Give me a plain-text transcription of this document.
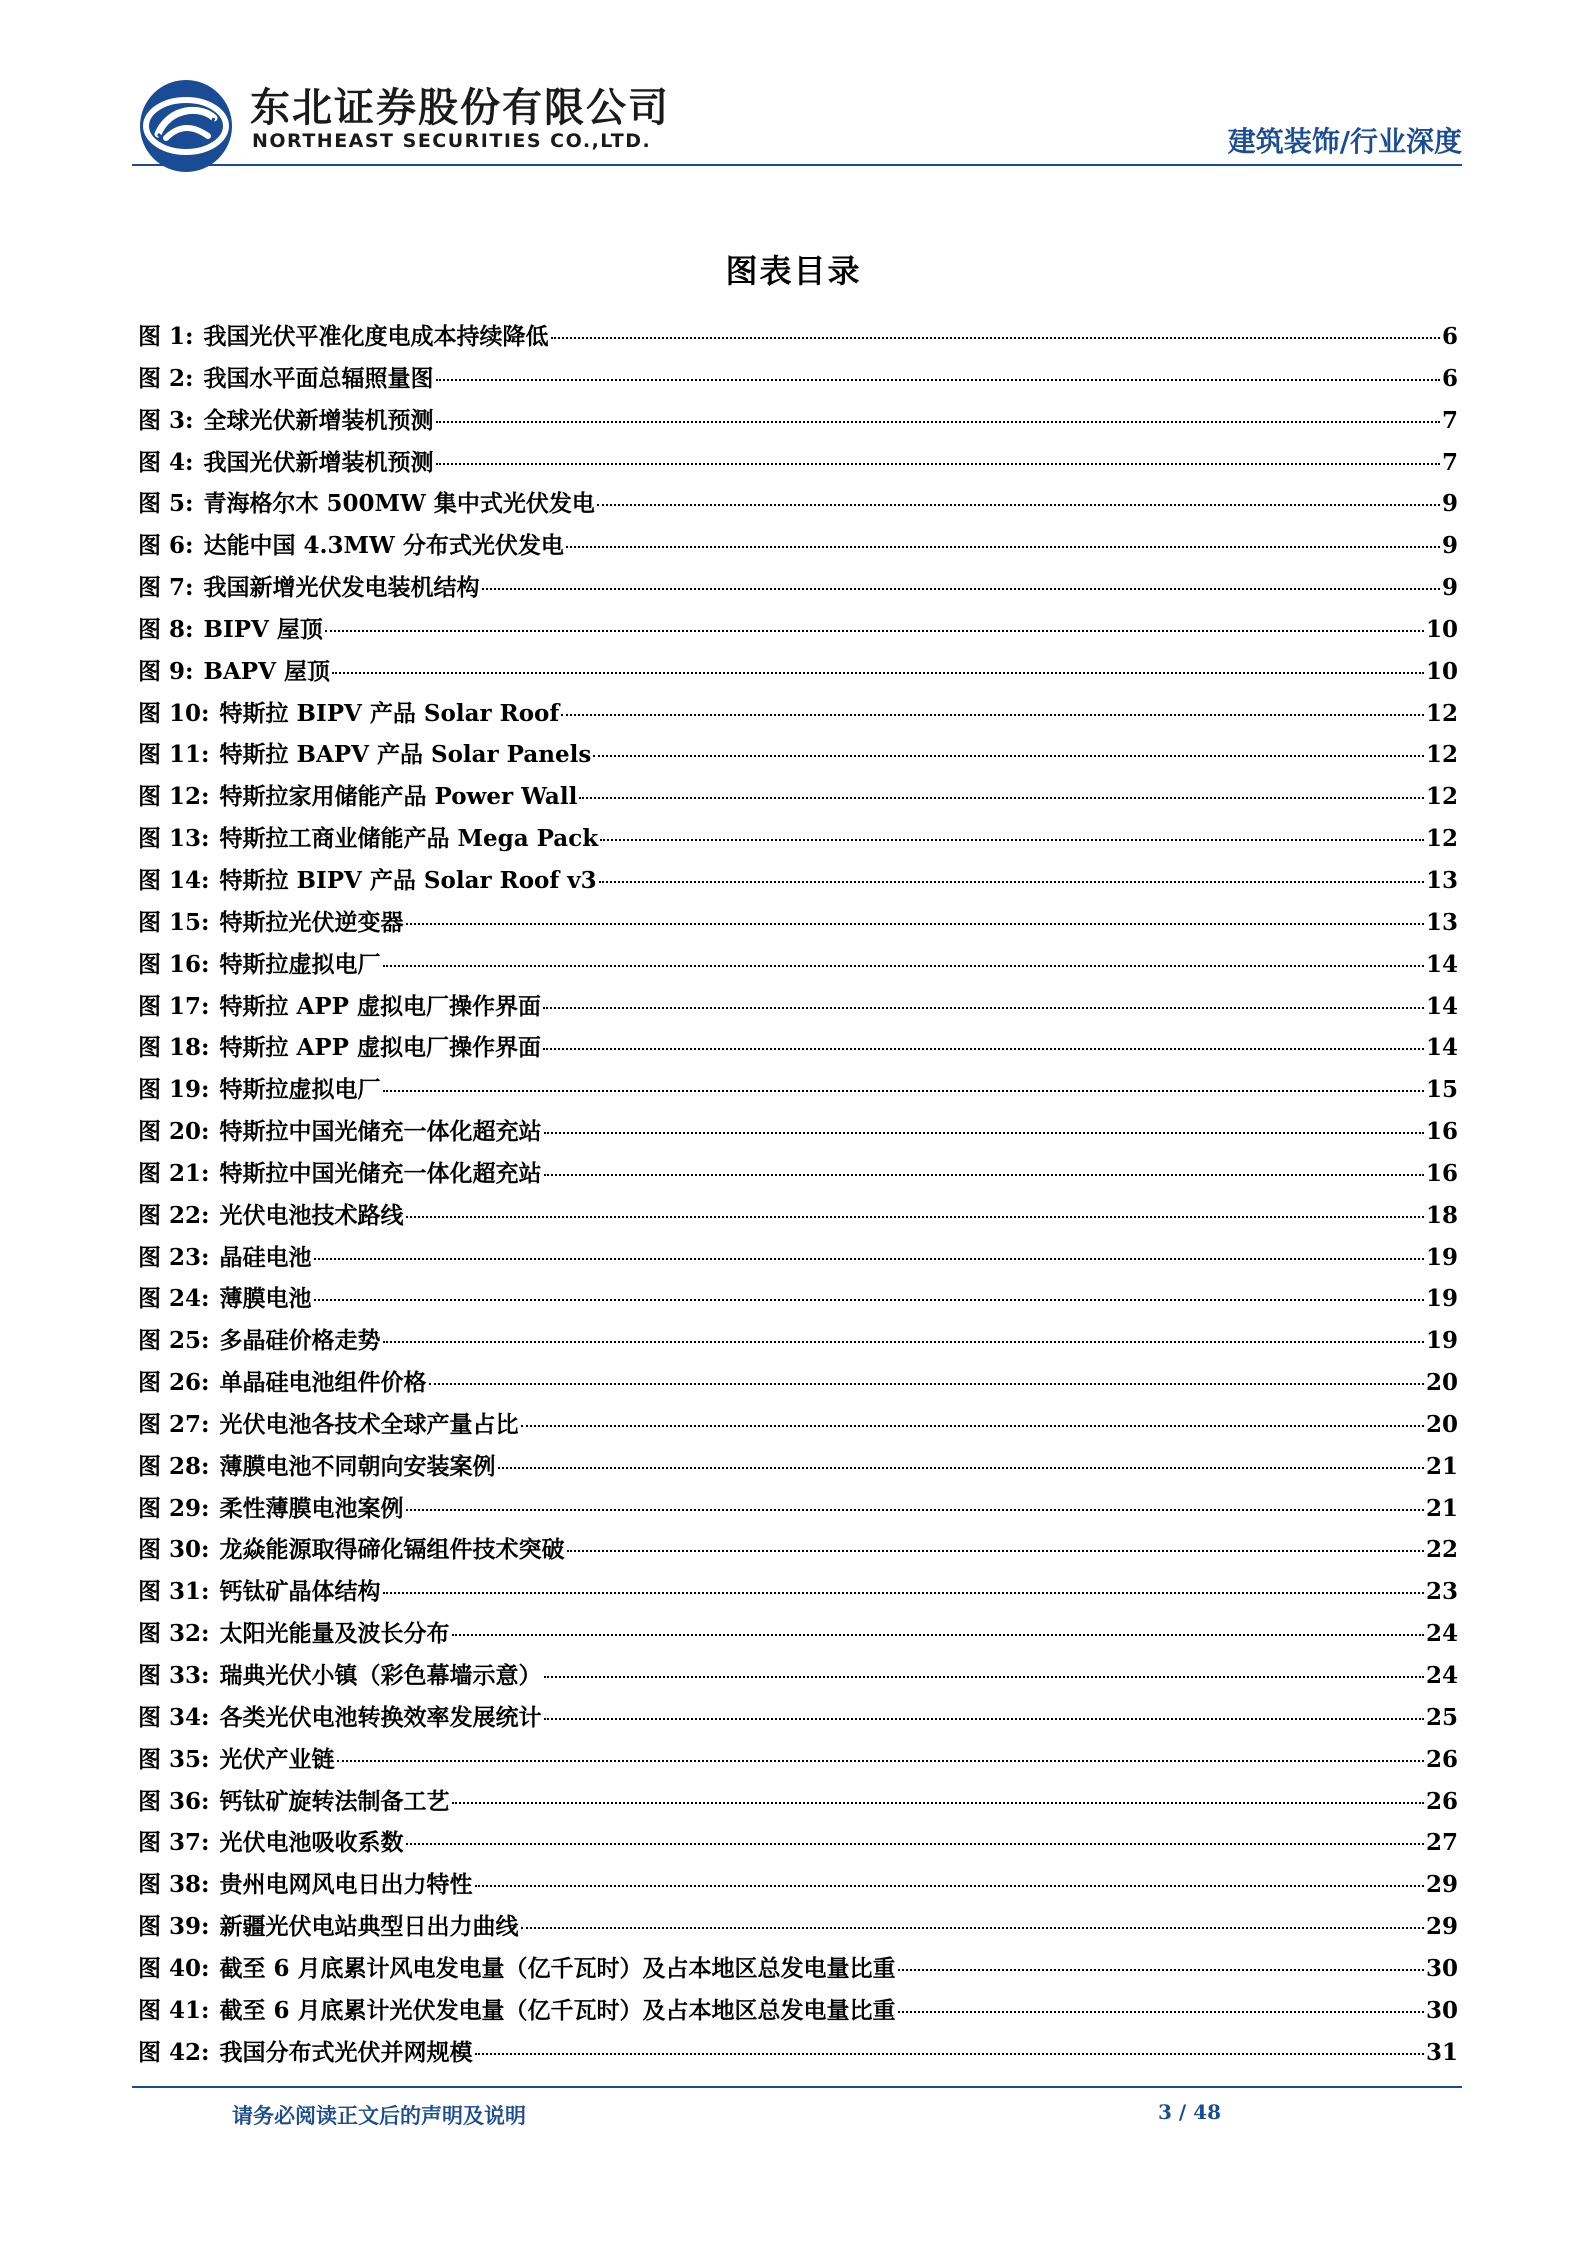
东北证券股份有限公司
NORTHEAST SECURITIES CO.,LTD.	建筑装饰/行业深度
图表目录
图 1: 我国光伏平准化度电成本持续降低	6
图 2: 我国水平面总辐照量图	6
图 3: 全球光伏新增装机预测	7
图 4: 我国光伏新增装机预测	7
图 5: 青海格尔木 500MW 集中式光伏发电	9
图 6: 达能中国 4.3MW 分布式光伏发电	9
图 7: 我国新增光伏发电装机结构	9
图 8: BIPV 屋顶	10
图 9: BAPV 屋顶	10
图 10: 特斯拉 BIPV 产品 Solar Roof	12
图 11: 特斯拉 BAPV 产品 Solar Panels	12
图 12: 特斯拉家用储能产品 Power Wall	12
图 13: 特斯拉工商业储能产品 Mega Pack	12
图 14: 特斯拉 BIPV 产品 Solar Roof v3	13
图 15: 特斯拉光伏逆变器	13
图 16: 特斯拉虚拟电厂	14
图 17: 特斯拉 APP 虚拟电厂操作界面	14
图 18: 特斯拉 APP 虚拟电厂操作界面	14
图 19: 特斯拉虚拟电厂	15
图 20: 特斯拉中国光储充一体化超充站	16
图 21: 特斯拉中国光储充一体化超充站	16
图 22: 光伏电池技术路线	18
图 23: 晶硅电池	19
图 24: 薄膜电池	19
图 25: 多晶硅价格走势	19
图 26: 单晶硅电池组件价格	20
图 27: 光伏电池各技术全球产量占比	20
图 28: 薄膜电池不同朝向安装案例	21
图 29: 柔性薄膜电池案例	21
图 30: 龙焱能源取得碲化镉组件技术突破	22
图 31: 钙钛矿晶体结构	23
图 32: 太阳光能量及波长分布	24
图 33: 瑞典光伏小镇（彩色幕墙示意）	24
图 34: 各类光伏电池转换效率发展统计	25
图 35: 光伏产业链	26
图 36: 钙钛矿旋转法制备工艺	26
图 37: 光伏电池吸收系数	27
图 38: 贵州电网风电日出力特性	29
图 39: 新疆光伏电站典型日出力曲线	29
图 40: 截至 6 月底累计风电发电量（亿千瓦时）及占本地区总发电量比重	30
图 41: 截至 6 月底累计光伏发电量（亿千瓦时）及占本地区总发电量比重	30
图 42: 我国分布式光伏并网规模	31
请务必阅读正文后的声明及说明	3 / 48
